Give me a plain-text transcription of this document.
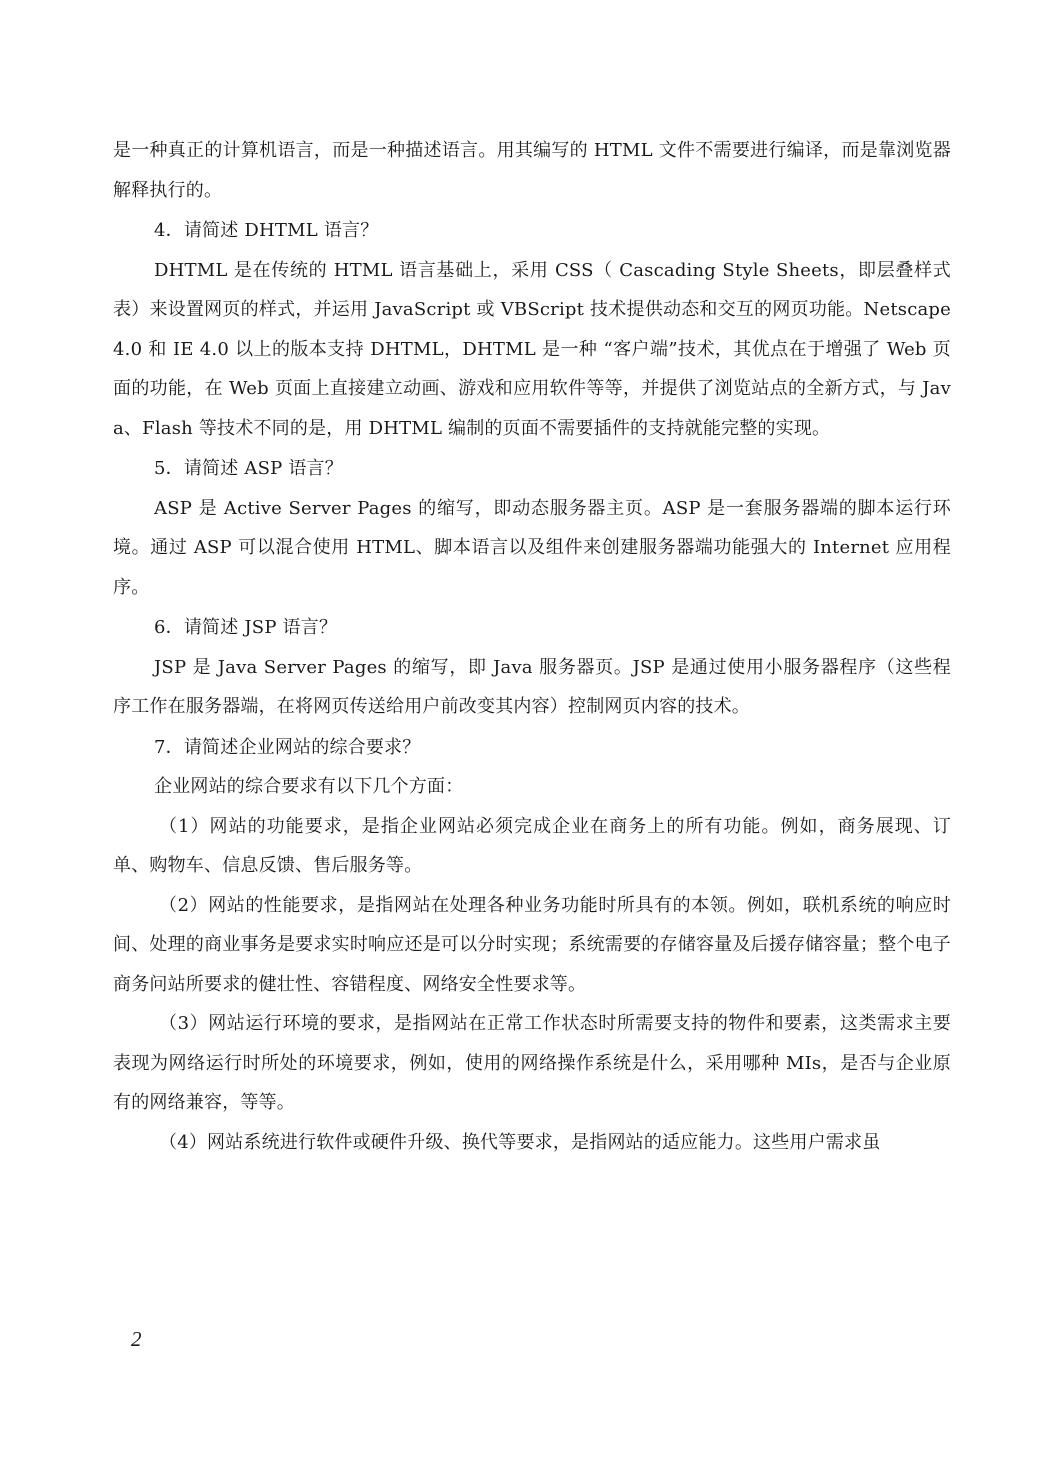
是一种真正的计算机语言，而是一种描述语言。用其编写的 HTML 文件不需要进行编译，而是靠浏览器解释执行的。

4．请简述 DHTML 语言？

DHTML 是在传统的 HTML 语言基础上，采用 CSS（ Cascading Style Sheets，即层叠样式表）来设置网页的样式，并运用 JavaScript 或 VBScript 技术提供动态和交互的网页功能。Netscape 4.0 和 IE 4.0 以上的版本支持 DHTML，DHTML 是一种 “客户端”技术，其优点在于增强了 Web 页面的功能，在 Web 页面上直接建立动画、游戏和应用软件等等，并提供了浏览站点的全新方式，与 Java、Flash 等技术不同的是，用 DHTML 编制的页面不需要插件的支持就能完整的实现。

5．请简述 ASP 语言？

ASP 是 Active Server Pages 的缩写，即动态服务器主页。ASP 是一套服务器端的脚本运行环境。通过 ASP 可以混合使用 HTML、脚本语言以及组件来创建服务器端功能强大的 Internet 应用程序。

6．请简述 JSP 语言？

JSP 是 Java Server Pages 的缩写，即 Java 服务器页。JSP 是通过使用小服务器程序（这些程序工作在服务器端，在将网页传送给用户前改变其内容）控制网页内容的技术。

7．请简述企业网站的综合要求？

企业网站的综合要求有以下几个方面：

（1）网站的功能要求，是指企业网站必须完成企业在商务上的所有功能。例如，商务展现、订单、购物车、信息反馈、售后服务等。

（2）网站的性能要求，是指网站在处理各种业务功能时所具有的本领。例如，联机系统的响应时间、处理的商业事务是要求实时响应还是可以分时实现；系统需要的存储容量及后援存储容量；整个电子商务问站所要求的健壮性、容错程度、网络安全性要求等。

（3）网站运行环境的要求，是指网站在正常工作状态时所需要支持的物件和要素，这类需求主要表现为网络运行时所处的环境要求，例如，使用的网络操作系统是什么，采用哪种 MIs，是否与企业原有的网络兼容，等等。

（4）网站系统进行软件或硬件升级、换代等要求，是指网站的适应能力。这些用户需求虽

2
